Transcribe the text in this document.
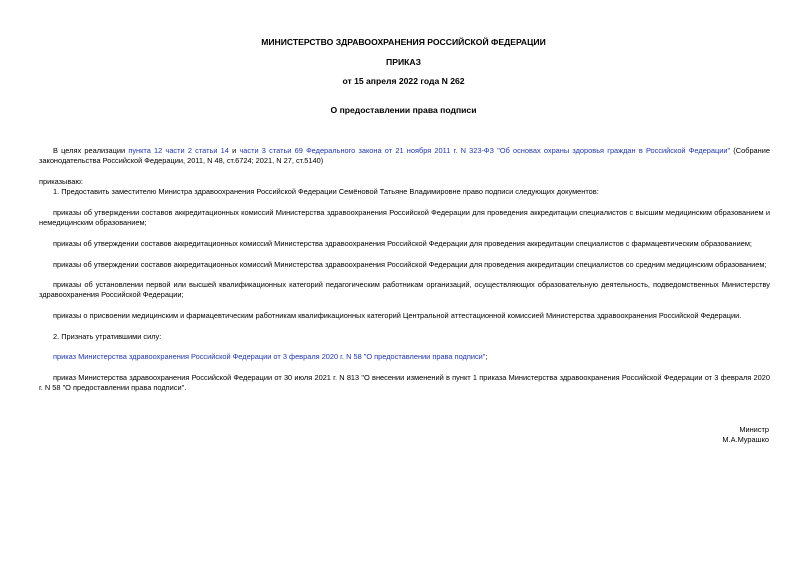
МИНИСТЕРСТВО ЗДРАВООХРАНЕНИЯ РОССИЙСКОЙ ФЕДЕРАЦИИ
ПРИКАЗ
от 15 апреля 2022 года N 262
О предоставлении права подписи
В целях реализации пункта 12 части 2 статьи 14 и части 3 статьи 69 Федерального закона от 21 ноября 2011 г. N 323-ФЗ "Об основах охраны здоровья граждан в Российской Федерации" (Собрание законодательства Российской Федерации, 2011, N 48, ст.6724; 2021, N 27, ст.5140)
приказываю:
1. Предоставить заместителю Министра здравоохранения Российской Федерации Семёновой Татьяне Владимировне право подписи следующих документов:
приказы об утверждении составов аккредитационных комиссий Министерства здравоохранения Российской Федерации для проведения аккредитации специалистов с высшим медицинским образованием и немедицинским образованием;
приказы об утверждении составов аккредитационных комиссий Министерства здравоохранения Российской Федерации для проведения аккредитации специалистов с фармацевтическим образованием;
приказы об утверждении составов аккредитационных комиссий Министерства здравоохранения Российской Федерации для проведения аккредитации специалистов со средним медицинским образованием;
приказы об установлении первой или высшей квалификационных категорий педагогическим работникам организаций, осуществляющих образовательную деятельность, подведомственных Министерству здравоохранения Российской Федерации;
приказы о присвоении медицинским и фармацевтическим работникам квалификационных категорий Центральной аттестационной комиссией Министерства здравоохранения Российской Федерации.
2. Признать утратившими силу:
приказ Министерства здравоохранения Российской Федерации от 3 февраля 2020 г. N 58 "О предоставлении права подписи";
приказ Министерства здравоохранения Российской Федерации от 30 июля 2021 г. N 813 "О внесении изменений в пункт 1 приказа Министерства здравоохранения Российской Федерации от 3 февраля 2020 г. N 58 "О предоставлении права подписи".
Министр
М.А.Мурашко
